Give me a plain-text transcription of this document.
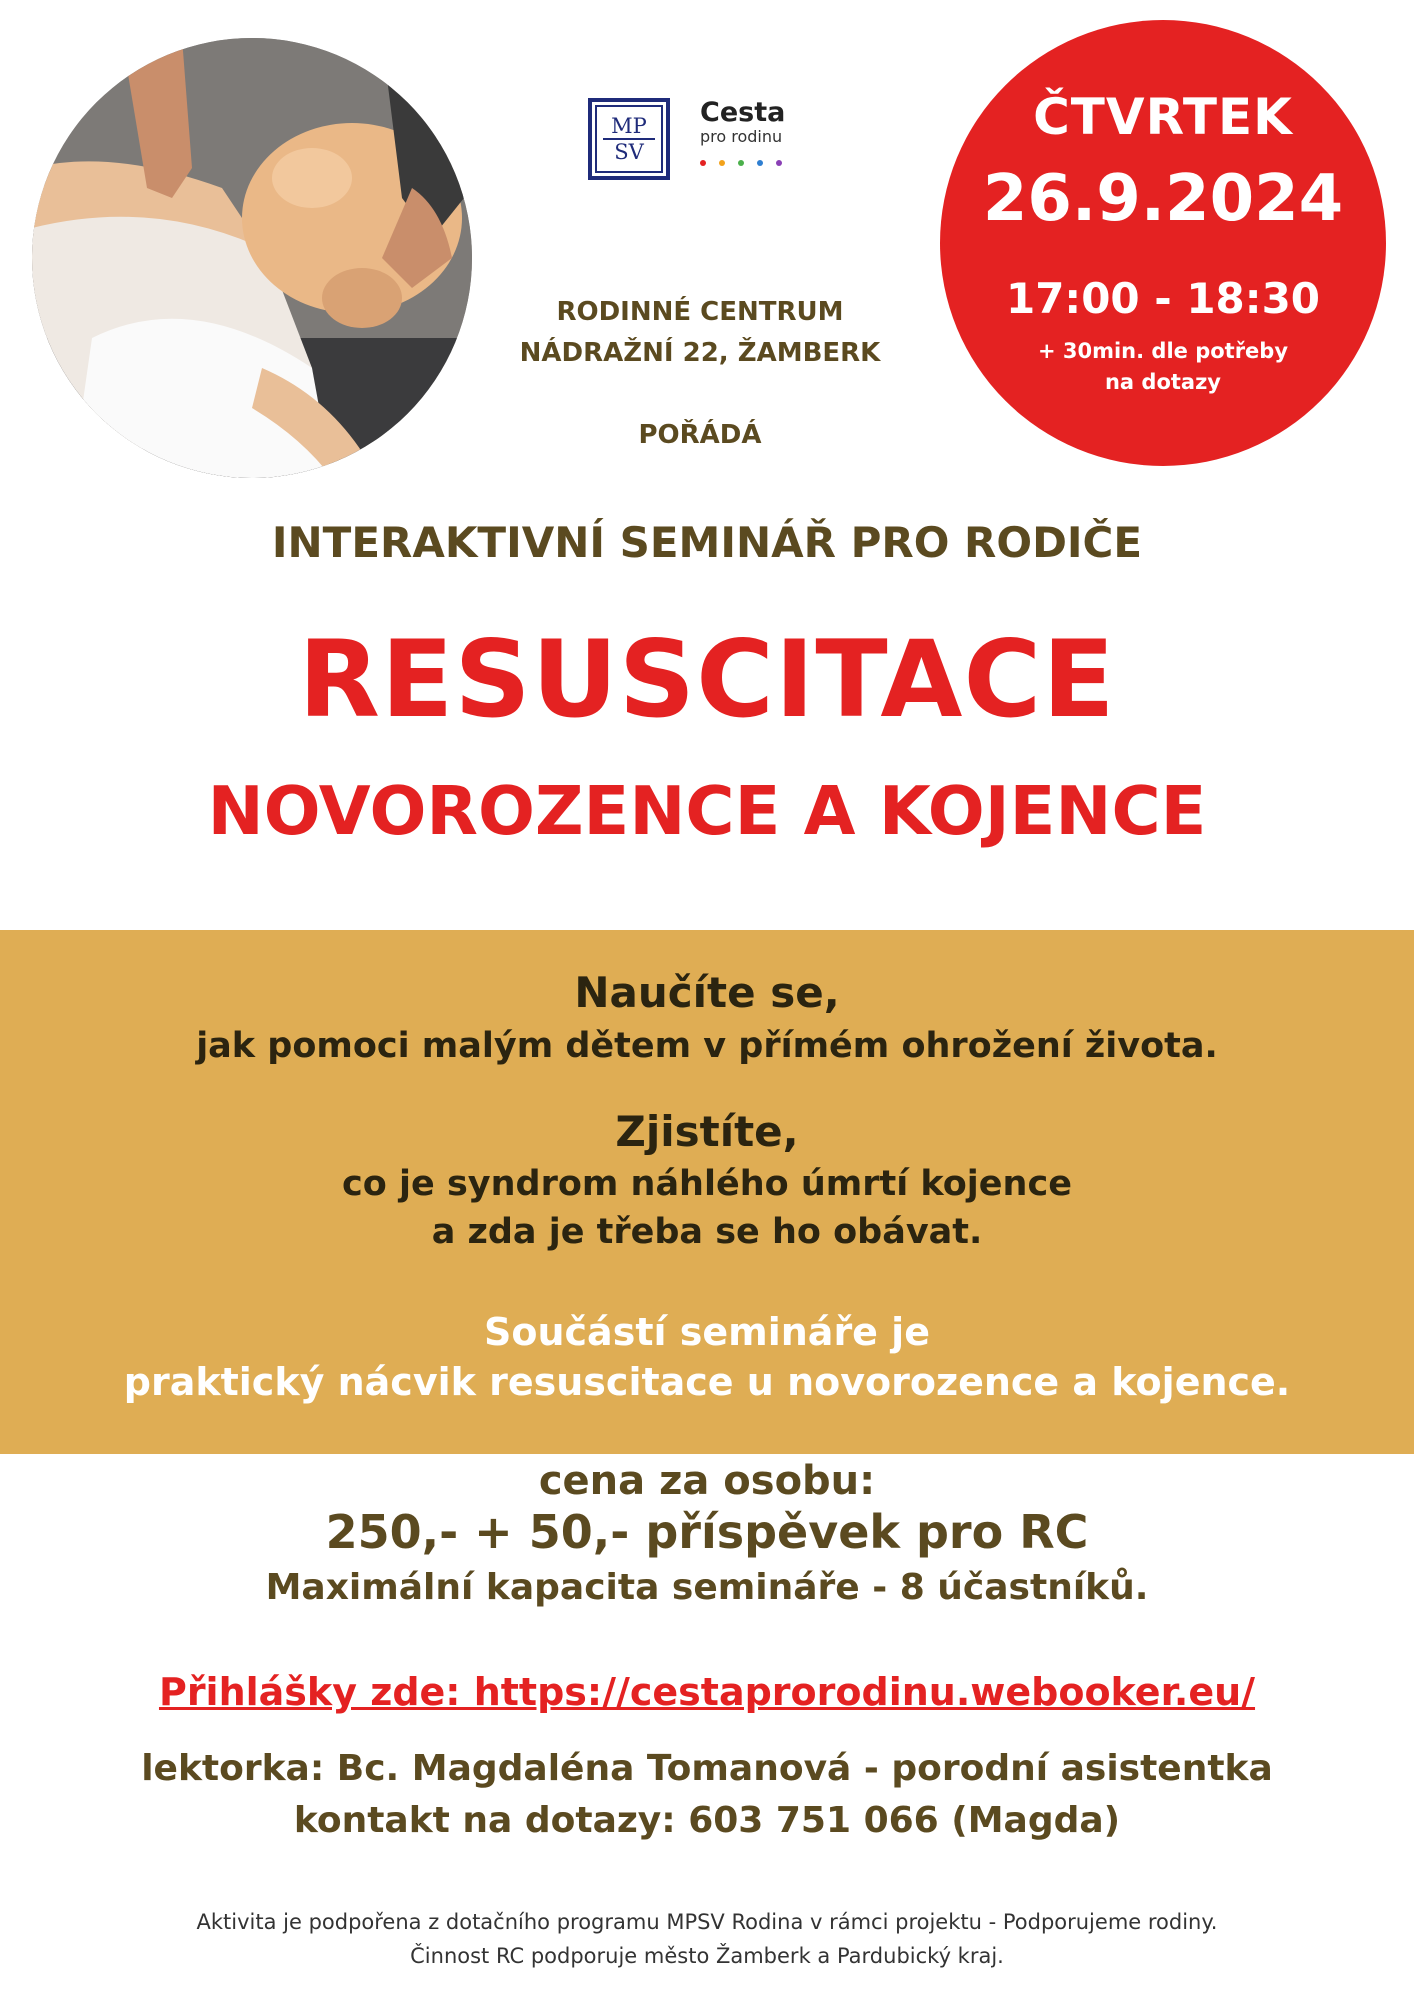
MP
SV
Cesta
pro rodinu
	ČTVRTEK
26.9.2024
17:00 - 18:30
+ 30min. dle potřeby
na dotazy
RODINNÉ CENTRUM
NÁDRAŽNÍ 22, ŽAMBERK
POŘÁDÁ
INTERAKTIVNÍ SEMINÁŘ PRO RODIČE
RESUSCITACE
NOVOROZENCE A KOJENCE
Naučíte se,
jak pomoci malým dětem v přímém ohrožení života.
Zjistíte,
co je syndrom náhlého úmrtí kojence
a zda je třeba se ho obávat.
Součástí semináře je
praktický nácvik resuscitace u novorozence a kojence.
cena za osobu:
250,- + 50,- příspěvek pro RC
Maximální kapacita semináře - 8 účastníků.
Přihlášky zde: https://cestaprorodinu.webooker.eu/
lektorka: Bc. Magdaléna Tomanová - porodní asistentka
kontakt na dotazy: 603 751 066 (Magda)
Aktivita je podpořena z dotačního programu MPSV Rodina v rámci projektu - Podporujeme rodiny.
Činnost RC podporuje město Žamberk a Pardubický kraj.
